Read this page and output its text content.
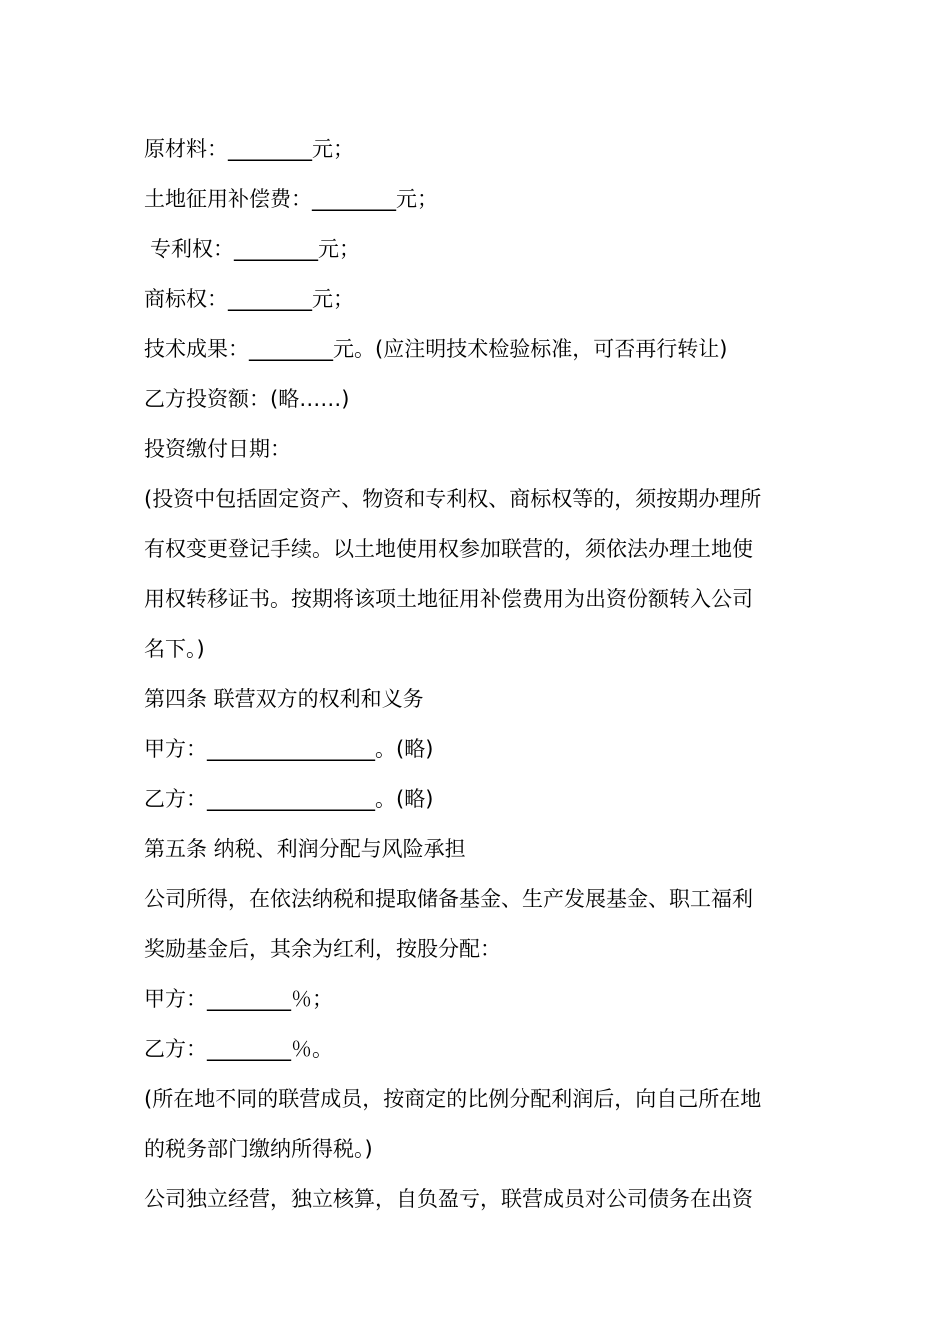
原材料：________元；
土地征用补偿费：________元；
专利权：________元；
商标权：________元；
技术成果：________元。(应注明技术检验标准，可否再行转让)
乙方投资额：(略……)
投资缴付日期：
(投资中包括固定资产、物资和专利权、商标权等的，须按期办理所
有权变更登记手续。以土地使用权参加联营的，须依法办理土地使
用权转移证书。按期将该项土地征用补偿费用为出资份额转入公司
名下。)
第四条 联营双方的权利和义务
甲方：________________。(略)
乙方：________________。(略)
第五条 纳税、利润分配与风险承担
公司所得，在依法纳税和提取储备基金、生产发展基金、职工福利
奖励基金后，其余为红利，按股分配：
甲方：________％；
乙方：________％。
(所在地不同的联营成员，按商定的比例分配利润后，向自己所在地
的税务部门缴纳所得税。)
公司独立经营，独立核算，自负盈亏，联营成员对公司债务在出资
